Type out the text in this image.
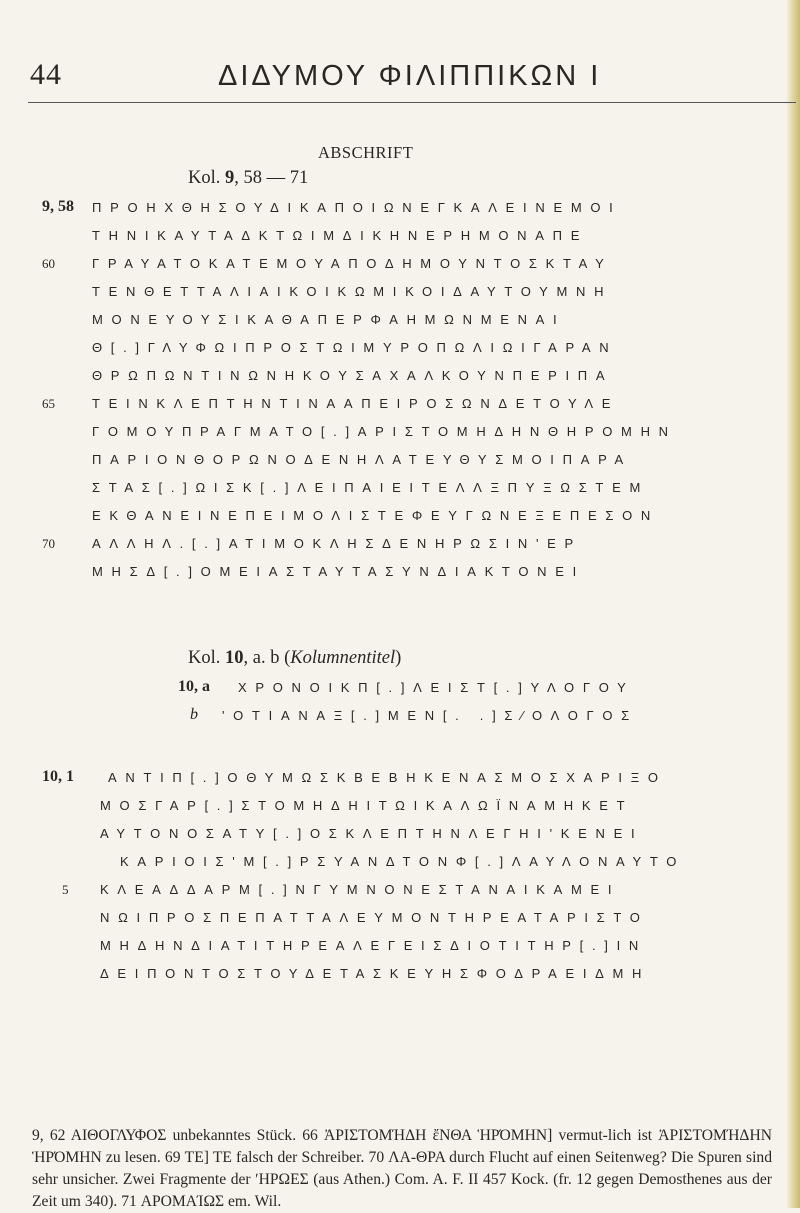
44	ΔΙΔΥΜΟΥ ΦΙΛΙΠΠΙΚΩΝ Ι
ABSCHRIFT
Kol. 9, 58 — 71
9, 58 ΠΡΟΗΧΘΗΣΟΥΔΙΚΑΠΟΙΩΝΕΓΚΑΛΕΙΝΕΜΟΙ
ΤΗΝΙΚΑΥΤΑΔΚΤΩΙΜΔΙΚΗΝΕΡΗΜΟΝΑΠΕ
60	ΓΡΑΥΑΤΟΚΑΤΕΜΟΥΑΠΟΔΗΜΟΥΝΤΟΣΚΤΑΥ
ΤΕΝΘΕΤΤΑΛΙΑΙΚΟΙΚΩΜΙΚΟΙΔΑΥΤΟΥΜΝΗ
ΜΟΝΕΥΟΥΣΙΚΑΘΑΠΕΡΦΑΗΜΩΝΜΕΝΑΙ
Θ[.]ΓΛΥΦΩΙΠΡΟΣΤΩΙΜΥΡΟΠΩΛΙΩΙΓΑΡΑΝ
ΘΡΩΠΩΝΤΙΝΩΝΗΚΟΥΣΑΧΑΛΚΟΥΝΠΕΡΙΠΑ
65	ΤΕΙΝΚΛΕΠΤΗΝΤΙΝΑΑΠΕΙΡΟΣΩΝΔΕΤΟΥΛΕ
ΓΟΜΟΥΠΡΑΓΜΑΤΟ[.]ΑΡΙΣΤΟΜΗΔΗΝΘΗΡΟΜΗΝ
ΠΑΡΙΟΝΘΟΡΩΝΟΔΕΝΗΛΑΤΕΥΘΥΣΜΟΙΠΑΡΑ
ΣΤΑΣ[.]ΩΙΣΚ[.]ΛΕΙΠΑΙΕΙΤΕΛΛΞΠΥΞΩΣΤΕΜ
ΕΚΘΑΝΕΙΝΕΠΕΙΜΟΛΙΣΤΕΦΕΥΓΩΝΕΞΕΠΕΣΟΝ
70	ΑΛΛΗΛ.[.]ΑΤΙΜΟΚΛΗΣΔΕΝΗΡΩΣΙΝ'ΕΡ
ΜΗΣΔ[.]ΟΜΕΙΑΣΤΑΥΤΑΣΥΝΔΙΑΚΤΟΝΕΙ
Kol. 10, a. b (Kolumnentitel)
10, a ΧΡΟΝΟΙΚΠ[.]ΛΕΙΣΤ[.]ΥΛΟΓΟΥ
b 'ΟΤΙΑΝΑΞ[.]ΜΕΝ[. .]Σ⁄ΟΛΟΓΟΣ
10, 1	ΑΝΤΙΠ[.]ΟΘΥΜΩΣΚΒΕΒΗΚΕΝΑΣΜΟΣΧΑΡΙΞΟ
ΜΟΣΓΑΡ[.]ΣΤΟΜΗΔΗΙΤΩΙΚΑΛΩΪΝΑΜΗΚΕΤ
ΑΥΤΟΝΟΣΑΤΥ[.]ΟΣΚΛΕΠΤΗΝΛΕΓΗΙ'ΚΕΝΕΙ
ΚΑΡΙΟΙΣ'Μ[.]ΡΣΥΑΝΔΤΟΝΦ[.]ΛΑΥΛΟΝΑΥΤΟ
5 ΚΛΕΑΔΔΑΡΜ[.]ΝΓΥΜΝΟΝΕΣΤΑΝΑΙΚΑΜΕΙ
ΝΩΙΠΡΟΣΠΕΠΑΤΤΑΛΕΥΜΟΝΤΗΡΕΑΤΑΡΙΣΤΟ
ΜΗΔΗΝΔΙΑΤΙΤΗΡΕΑΛΕΓΕΙΣΔΙΟΤΙΤΗΡ[.]ΙΝ
ΔΕΙΠΟΝΤΟΣΤΟΥΔΕΤΑΣΚΕΥΗΣΦΟΔΡΑΕΙΔΜΗ
9, 62 ΑΙΘΟΓΛΥΦΟΣ unbekanntes Stück. 66 ἈΡΙΣΤΟΜΉΔΗ ἔΝΘΑ ἩΡΌΜΗΝ] vermut-lich ist ἈΡΙΣΤΟΜΉΔΗΝ ἩΡΌΜΗΝ zu lesen. 69 ΤΕ] ΤΕ falsch der Schreiber. 70 ΛΑ-ΘΡΑ durch Flucht auf einen Seitenweg? Die Spuren sind sehr unsicher. Zwei Fragmente der ʹΗΡΩΕΣ (aus Athen.) Com. A. F. II 457 Kock. (fr. 12 gegen Demosthenes aus der Zeit um 340). 71 ΑΡΟΜΑΊΩΣ em. Wil.
